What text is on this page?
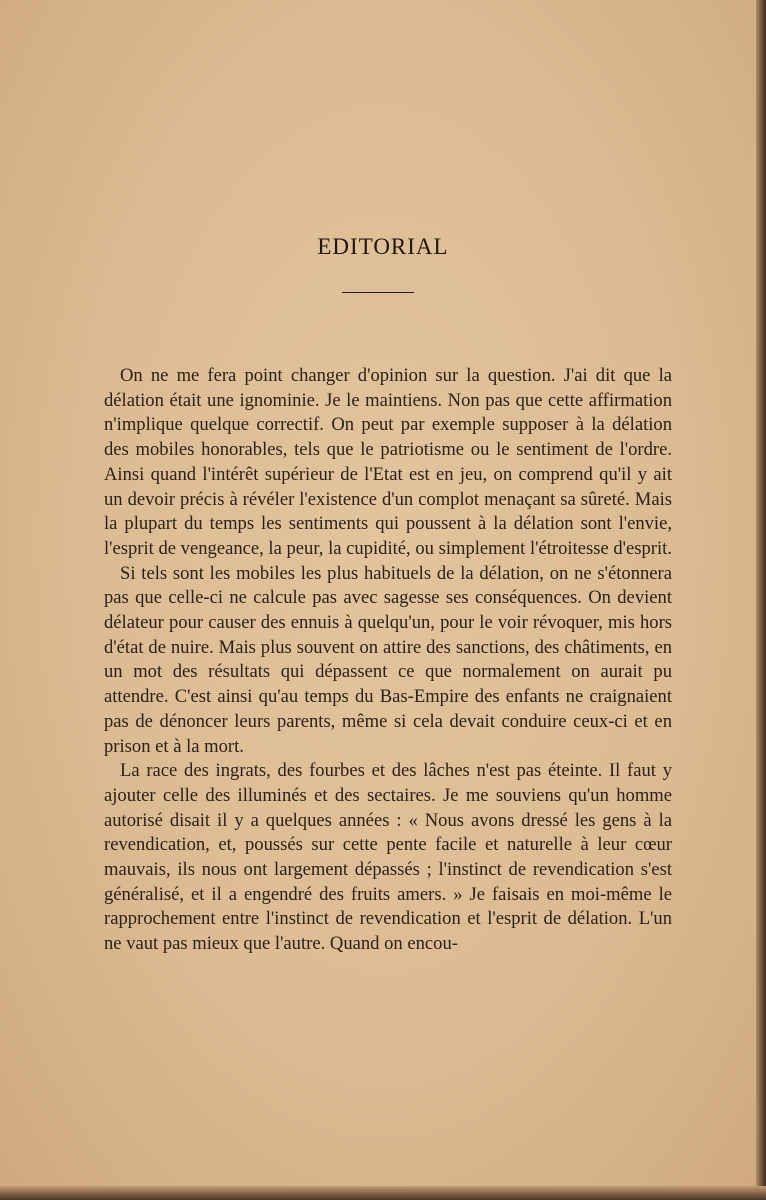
EDITORIAL

On ne me fera point changer d'opinion sur la question. J'ai dit que la délation était une ignominie. Je le maintiens. Non pas que cette affirmation n'implique quelque correctif. On peut par exemple supposer à la délation des mobiles honorables, tels que le patriotisme ou le sentiment de l'ordre. Ainsi quand l'intérêt supérieur de l'Etat est en jeu, on comprend qu'il y ait un devoir précis à révéler l'existence d'un complot menaçant sa sûreté. Mais la plupart du temps les sentiments qui poussent à la délation sont l'envie, l'esprit de vengeance, la peur, la cupidité, ou simplement l'étroitesse d'esprit.

Si tels sont les mobiles les plus habituels de la délation, on ne s'étonnera pas que celle-ci ne calcule pas avec sagesse ses conséquences. On devient délateur pour causer des ennuis à quelqu'un, pour le voir révoquer, mis hors d'état de nuire. Mais plus souvent on attire des sanctions, des châtiments, en un mot des résultats qui dépassent ce que normalement on aurait pu attendre. C'est ainsi qu'au temps du Bas-Empire des enfants ne craignaient pas de dénoncer leurs parents, même si cela devait conduire ceux-ci et en prison et à la mort.

La race des ingrats, des fourbes et des lâches n'est pas éteinte. Il faut y ajouter celle des illuminés et des sectaires. Je me souviens qu'un homme autorisé disait il y a quelques années : « Nous avons dressé les gens à la revendication, et, poussés sur cette pente facile et naturelle à leur cœur mauvais, ils nous ont largement dépassés ; l'instinct de revendication s'est généralisé, et il a engendré des fruits amers. » Je faisais en moi-même le rapprochement entre l'instinct de revendication et l'esprit de délation. L'un ne vaut pas mieux que l'autre. Quand on encou-
